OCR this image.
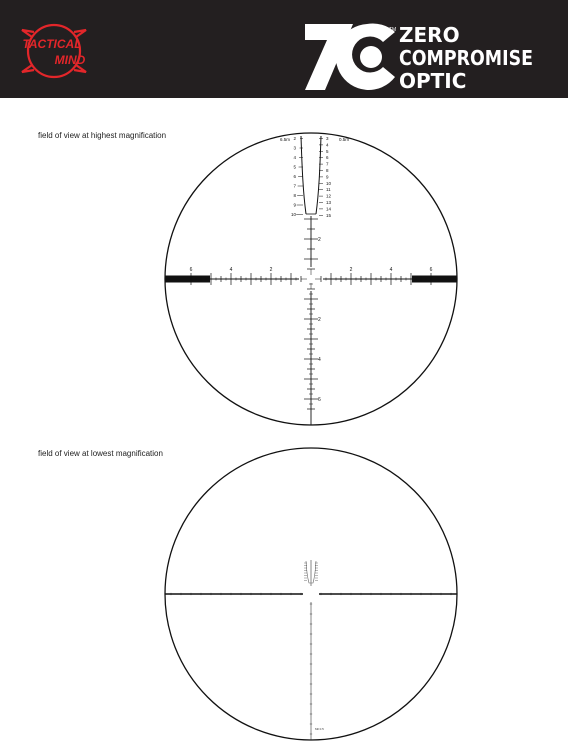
TACTICAL
MIND
TM ZERO
COMPROMISE
OPTIC
field of view at highest magnification	2
3
4
5
6
7
8
9
10
3
4
5
6
7
8
9
10
11
12
13
14
15
6.5m	0.5m
6	4	2	2	4	6
2
2
4
6
field of view at lowest magnification
Mil 0.5
